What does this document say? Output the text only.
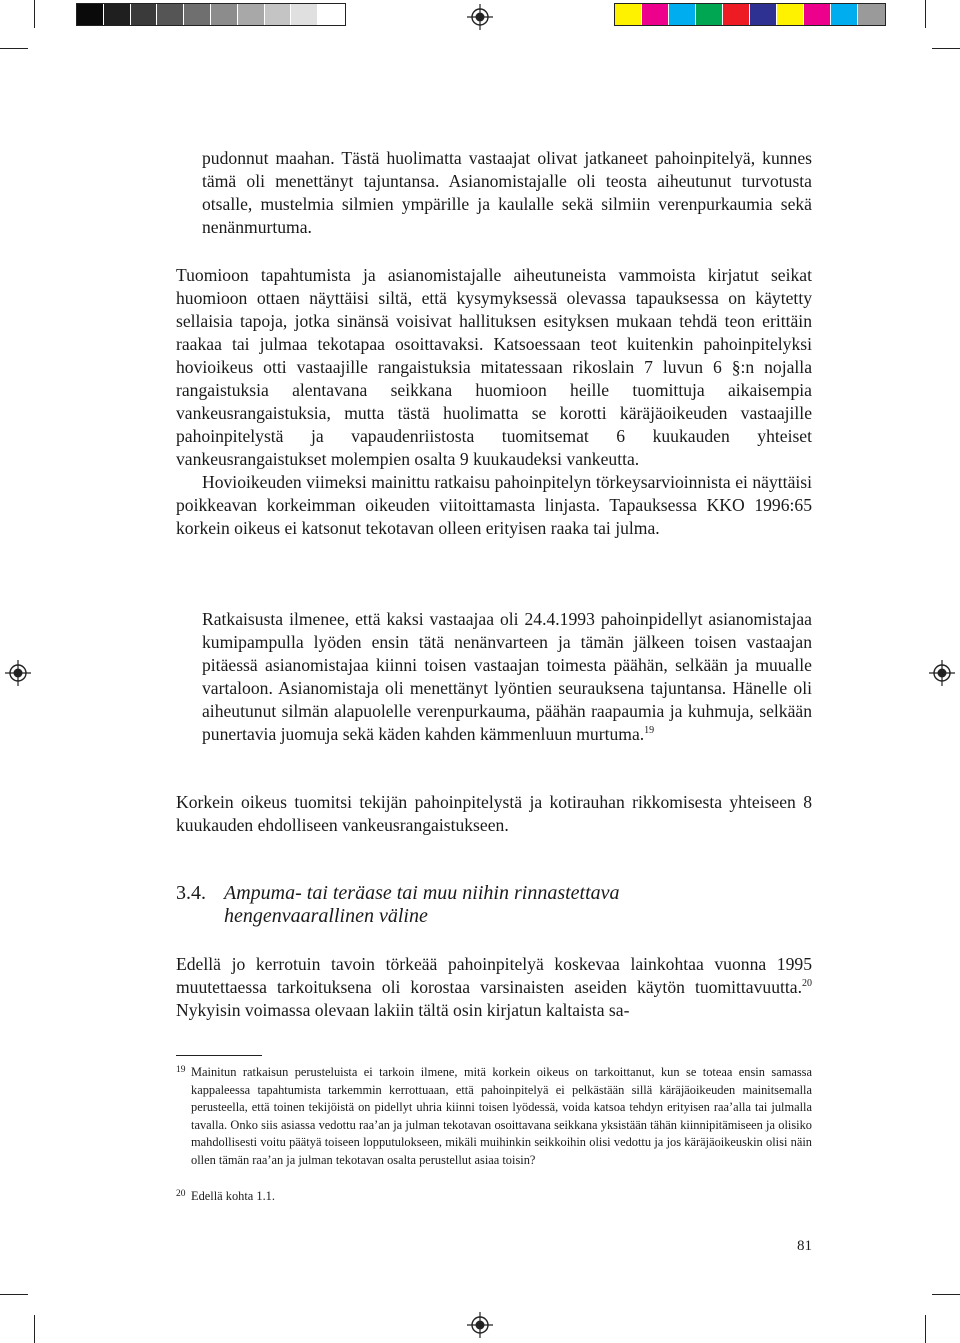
pudonnut maahan. Tästä huolimatta vastaajat olivat jatkaneet pahoinpitelyä, kunnes tämä oli menettänyt tajuntansa. Asianomistajalle oli teosta aiheutunut turvotusta otsalle, mustelmia silmien ympärille ja kaulalle sekä silmiin verenpurkaumia sekä nenänmurtuma.

Tuomioon tapahtumista ja asianomistajalle aiheutuneista vammoista kirjatut seikat huomioon ottaen näyttäisi siltä, että kysymyksessä olevassa tapauksessa on käytetty sellaisia tapoja, jotka sinänsä voisivat hallituksen esityksen mukaan tehdä teon erittäin raakaa tai julmaa tekotapaa osoittavaksi. Katsoessaan teot kuitenkin pahoinpitelyksi hovioikeus otti vastaajille rangaistuksia mitatessaan rikoslain 7 luvun 6 §:n nojalla rangaistuksia alentavana seikkana huomioon heille tuomittuja aikaisempia vankeusrangaistuksia, mutta tästä huolimatta se korotti käräjäoikeuden vastaajille pahoinpitelystä ja vapaudenriistosta tuomitsemat 6 kuukauden yhteiset vankeusrangaistukset molempien osalta 9 kuukaudeksi vankeutta.

Hovioikeuden viimeksi mainittu ratkaisu pahoinpitelyn törkeysarvioinnista ei näyttäisi poikkeavan korkeimman oikeuden viitoittamasta linjasta. Tapauksessa KKO 1996:65 korkein oikeus ei katsonut tekotavan olleen erityisen raaka tai julma.

Ratkaisusta ilmenee, että kaksi vastaajaa oli 24.4.1993 pahoinpidellyt asianomistajaa kumipampulla lyöden ensin tätä nenänvarteen ja tämän jälkeen toisen vastaajan pitäessä asianomistajaa kiinni toisen vastaajan toimesta päähän, selkään ja muualle vartaloon. Asianomistaja oli menettänyt lyöntien seurauksena tajuntansa. Hänelle oli aiheutunut silmän alapuolelle verenpurkauma, päähän raapaumia ja kuhmuja, selkään punertavia juomuja sekä käden kahden kämmenluun murtuma.$^{19}$

Korkein oikeus tuomitsi tekijän pahoinpitelystä ja kotirauhan rikkomisesta yhteiseen 8 kuukauden ehdolliseen vankeusrangaistukseen.

3.4. Ampuma- tai teräase tai muu niihin rinnastettava
hengenvaarallinen väline

Edellä jo kerrotuin tavoin törkeää pahoinpitelyä koskevaa lainkohtaa vuonna 1995 muutettaessa tarkoituksena oli korostaa varsinaisten aseiden käytön tuomittavuutta.$^{20}$ Nykyisin voimassa olevaan lakiin tältä osin kirjatun kaltaista sa-

19 Mainitun ratkaisun perusteluista ei tarkoin ilmene, mitä korkein oikeus on tarkoittanut, kun se toteaa ensin samassa kappaleessa tapahtumista tarkemmin kerrottuaan, että pahoinpitelyä ei pelkästään sillä käräjäoikeuden mainitsemalla perusteella, että toinen tekijöistä on pidellyt uhria kiinni toisen lyödessä, voida katsoa tehdyn erityisen raa’alla tai julmalla tavalla. Onko siis asiassa vedottu raa’an ja julman tekotavan osoittavana seikkana yksistään tähän kiinnipitämiseen ja olisiko mahdollisesti voitu päätyä toiseen lopputulokseen, mikäli muihinkin seikkoihin olisi vedottu ja jos käräjäoikeuskin olisi näin ollen tämän raa’an ja julman tekotavan osalta perustellut asiaa toisin?
20 Edellä kohta 1.1.
81
